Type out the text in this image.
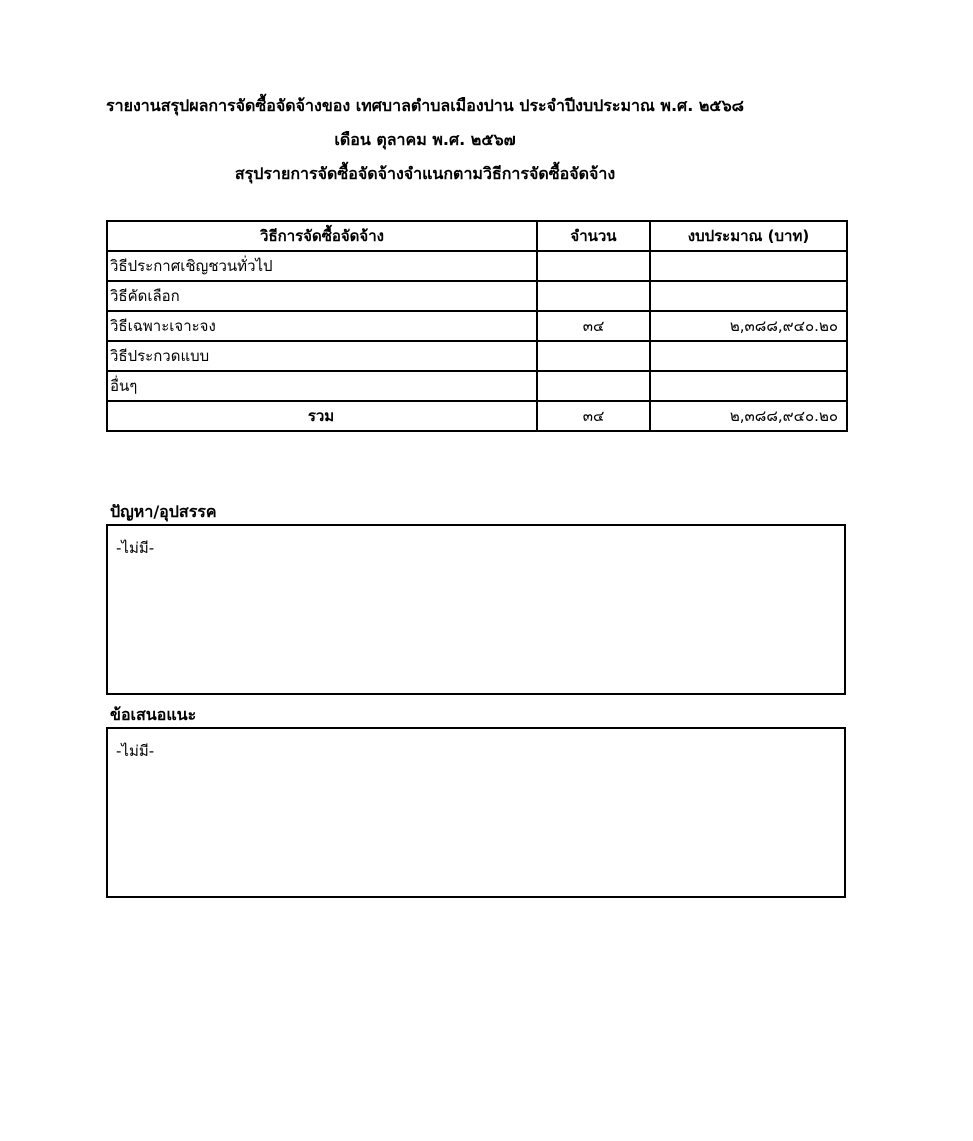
รายงานสรุปผลการจัดซื้อจัดจ้างของ เทศบาลตำบลเมืองปาน ประจำปีงบประมาณ พ.ศ. ๒๕๖๘
เดือน ตุลาคม พ.ศ. ๒๕๖๗
สรุปรายการจัดซื้อจัดจ้างจำแนกตามวิธีการจัดซื้อจัดจ้าง
วิธีการจัดซื้อจัดจ้าง	จำนวน	งบประมาณ (บาท)
วิธีประกาศเชิญชวนทั่วไป		
วิธีคัดเลือก		
วิธีเฉพาะเจาะจง	๓๔	๒,๓๘๘,๙๔๐.๒๐
วิธีประกวดแบบ		
อื่นๆ		
รวม	๓๔	๒,๓๘๘,๙๔๐.๒๐
ปัญหา/อุปสรรค
-ไม่มี-
ข้อเสนอแนะ
-ไม่มี-
